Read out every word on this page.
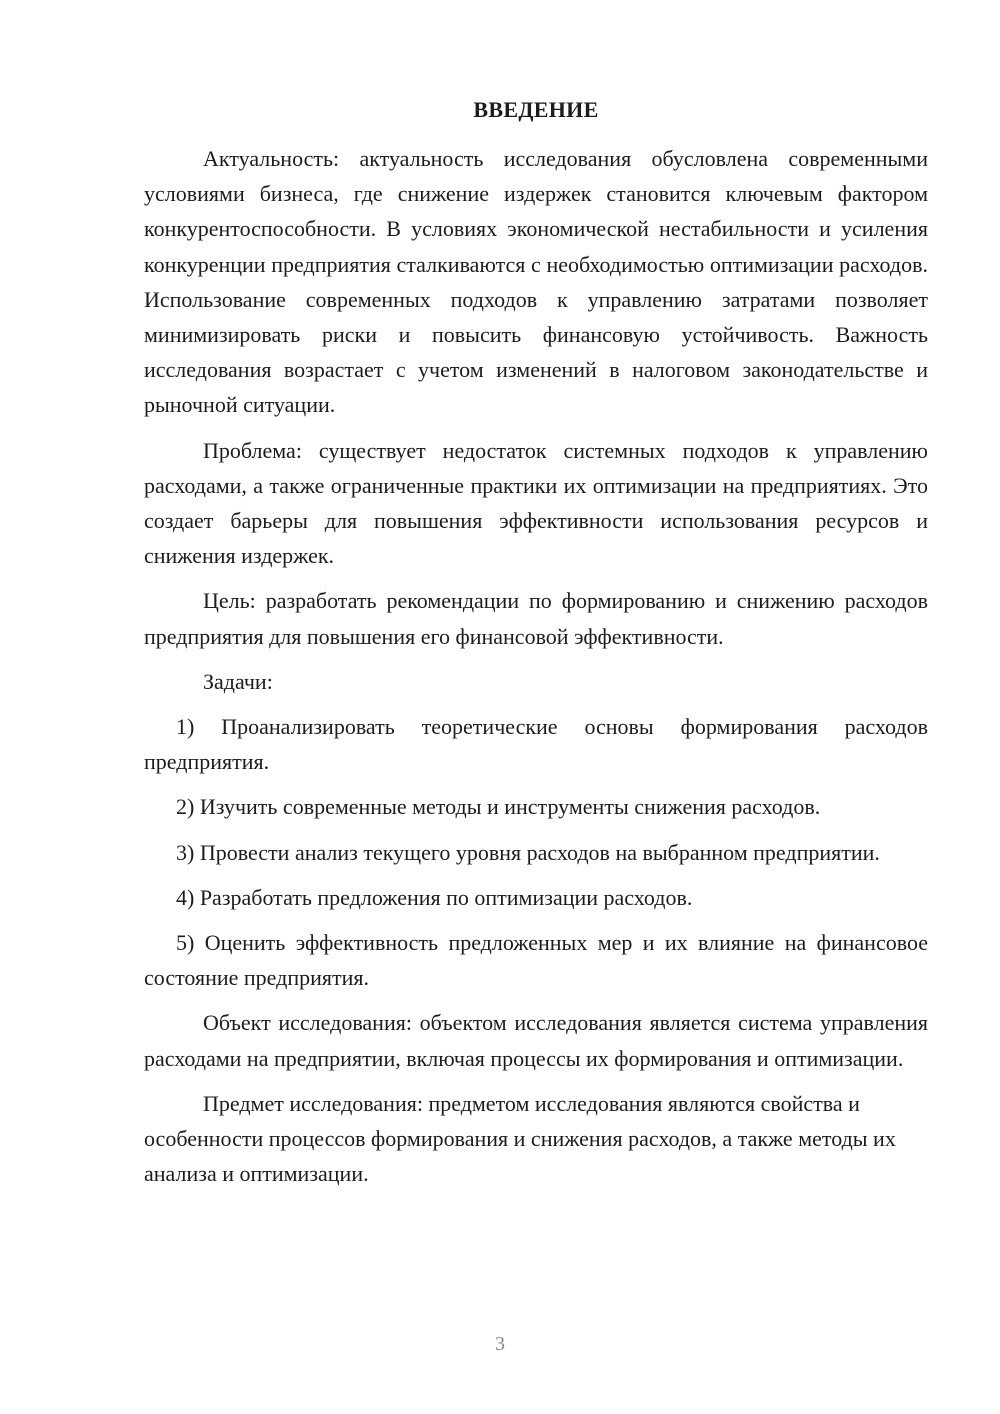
ВВЕДЕНИЕ

Актуальность: актуальность исследования обусловлена современными условиями бизнеса, где снижение издержек становится ключевым фактором конкурентоспособности. В условиях экономической нестабильности и усиления конкуренции предприятия сталкиваются с необходимостью оптимизации расходов. Использование современных подходов к управлению затратами позволяет минимизировать риски и повысить финансовую устойчивость. Важность исследования возрастает с учетом изменений в налоговом законодательстве и рыночной ситуации.

Проблема: существует недостаток системных подходов к управлению расходами, а также ограниченные практики их оптимизации на предприятиях. Это создает барьеры для повышения эффективности использования ресурсов и снижения издержек.

Цель: разработать рекомендации по формированию и снижению расходов предприятия для повышения его финансовой эффективности.

Задачи:

1) Проанализировать теоретические основы формирования расходов предприятия.

2) Изучить современные методы и инструменты снижения расходов.

3) Провести анализ текущего уровня расходов на выбранном предприятии.

4) Разработать предложения по оптимизации расходов.

5) Оценить эффективность предложенных мер и их влияние на финансовое состояние предприятия.

Объект исследования: объектом исследования является система управления расходами на предприятии, включая процессы их формирования и оптимизации.

Предмет исследования: предметом исследования являются свойства и особенности процессов формирования и снижения расходов, а также методы их анализа и оптимизации.

3
